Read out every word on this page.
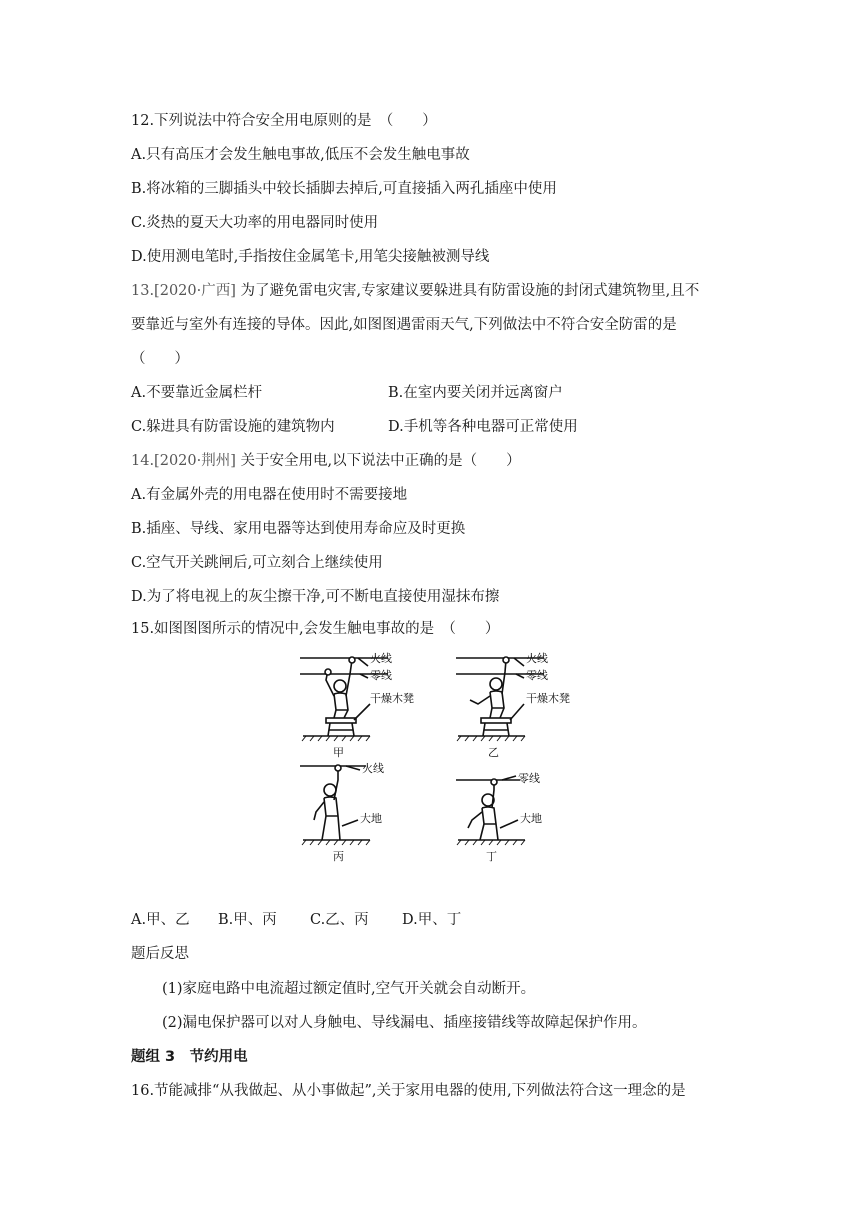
12.下列说法中符合安全用电原则的是　（　　）
A.只有高压才会发生触电事故,低压不会发生触电事故
B.将冰箱的三脚插头中较长插脚去掉后,可直接插入两孔插座中使用
C.炎热的夏天大功率的用电器同时使用
D.使用测电笔时,手指按住金属笔卡,用笔尖接触被测导线
13.[2020·广西] 为了避免雷电灾害,专家建议要躲进具有防雷设施的封闭式建筑物里,且不
要靠近与室外有连接的导体。因此,如图图遇雷雨天气,下列做法中不符合安全防雷的是
（　　）
A.不要靠近金属栏杆	B.在室内要关闭并远离窗户
C.躲进具有防雷设施的建筑物内	D.手机等各种电器可正常使用
14.[2020·荆州] 关于安全用电,以下说法中正确的是（　　）
A.有金属外壳的用电器在使用时不需要接地
B.插座、导线、家用电器等达到使用寿命应及时更换
C.空气开关跳闸后,可立刻合上继续使用
D.为了将电视上的灰尘擦干净,可不断电直接使用湿抹布擦
15.如图图图所示的情况中,会发生触电事故的是　（　　）
火线
零线
干燥木凳
甲
火线
零线
干燥木凳
乙
火线
大地
丙
零线
大地
丁
A.甲、乙 B.甲、丙 C.乙、丙 D.甲、丁
题后反思
(1)家庭电路中电流超过额定值时,空气开关就会自动断开。
(2)漏电保护器可以对人身触电、导线漏电、插座接错线等故障起保护作用。
题组 3　节约用电
16.节能减排“从我做起、从小事做起”,关于家用电器的使用,下列做法符合这一理念的是
